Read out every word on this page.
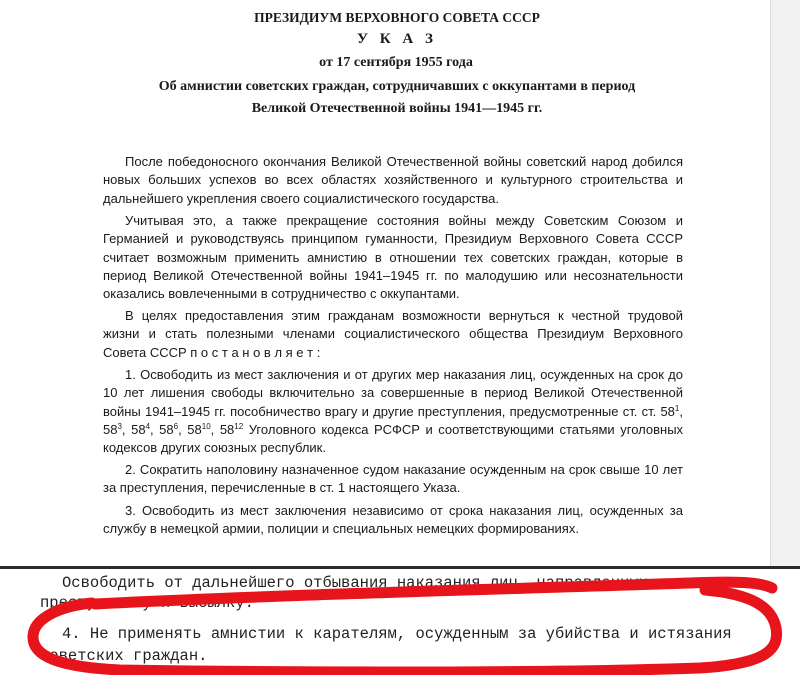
ПРЕЗИДИУМ ВЕРХОВНОГО СОВЕТА СССР
У К А З
от 17 сентября 1955 года
Об амнистии советских граждан, сотрудничавших с оккупантами в период
Великой Отечественной войны 1941—1945 гг.

После победоносного окончания Великой Отечественной войны советский народ добился новых больших успехов во всех областях хозяйственного и культурного строительства и дальнейшего укрепления своего социалистического государства.

Учитывая это, а также прекращение состояния войны между Советским Союзом и Германией и руководствуясь принципом гуманности, Президиум Верховного Совета СССР считает возможным применить амнистию в отношении тех советских граждан, которые в период Великой Отечественной войны 1941–1945 гг. по малодушию или несознательности оказались вовлеченными в сотрудничество с оккупантами.

В целях предоставления этим гражданам возможности вернуться к честной трудовой жизни и стать полезными членами социалистического общества Президиум Верховного Совета СССР п о с т а н о в л я е т :

1. Освободить из мест заключения и от других мер наказания лиц, осужденных на срок до 10 лет лишения свободы включительно за совершенные в период Великой Отечественной войны 1941–1945 гг. пособничество врагу и другие преступления, предусмотренные ст. ст. $58^1$, $58^3$, $58^4$, $58^6$, $58^{10}$, $58^{12}$ Уголовного кодекса РСФСР и соответствующими статьями уголовных кодексов других союзных республик.

2. Сократить наполовину назначенное судом наказание осужденным на срок свыше 10 лет за преступления, перечисленные в ст. 1 настоящего Указа.

3. Освободить из мест заключения независимо от срока наказания лиц, осужденных за службу в немецкой армии, полиции и специальных немецких формированиях.

Освободить от дальнейшего отбывания наказания лиц, направленных за такие
престу ...ку и высылку.
4. Не применять амнистии к карателям, осужденным за убийства и истязания
советских граждан.
